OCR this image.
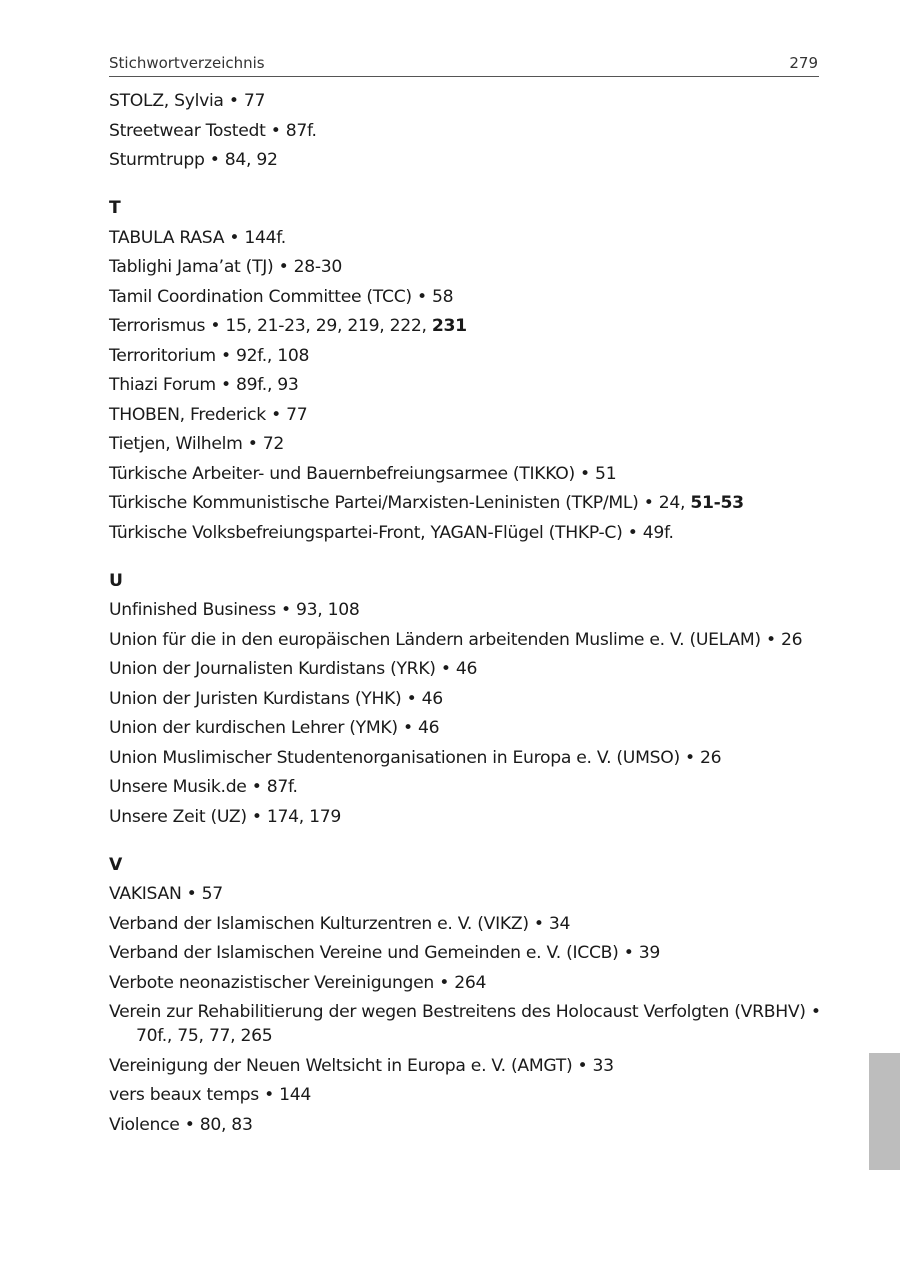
Stichwortverzeichnis	279
STOLZ, Sylvia • 77
Streetwear Tostedt • 87f.
Sturmtrupp • 84, 92
T
TABULA RASA • 144f.
Tablighi Jama’at (TJ) • 28-30
Tamil Coordination Committee (TCC) • 58
Terrorismus • 15, 21-23, 29, 219, 222, 231
Terroritorium • 92f., 108
Thiazi Forum • 89f., 93
THOBEN, Frederick • 77
Tietjen, Wilhelm • 72
Türkische Arbeiter- und Bauernbefreiungsarmee (TIKKO) • 51
Türkische Kommunistische Partei/Marxisten-Leninisten (TKP/ML) • 24, 51-53
Türkische Volksbefreiungspartei-Front, YAGAN-Flügel (THKP-C) • 49f.
U
Unfinished Business • 93, 108
Union für die in den europäischen Ländern arbeitenden Muslime e. V. (UELAM) • 26
Union der Journalisten Kurdistans (YRK) • 46
Union der Juristen Kurdistans (YHK) • 46
Union der kurdischen Lehrer (YMK) • 46
Union Muslimischer Studentenorganisationen in Europa e. V. (UMSO) • 26
Unsere Musik.de • 87f.
Unsere Zeit (UZ) • 174, 179
V
VAKISAN • 57
Verband der Islamischen Kulturzentren e. V. (VIKZ) • 34
Verband der Islamischen Vereine und Gemeinden e. V. (ICCB) • 39
Verbote neonazistischer Vereinigungen • 264
Verein zur Rehabilitierung der wegen Bestreitens des Holocaust Verfolgten (VRBHV) • 70f., 75, 77, 265
Vereinigung der Neuen Weltsicht in Europa e. V. (AMGT) • 33
vers beaux temps • 144
Violence • 80, 83
